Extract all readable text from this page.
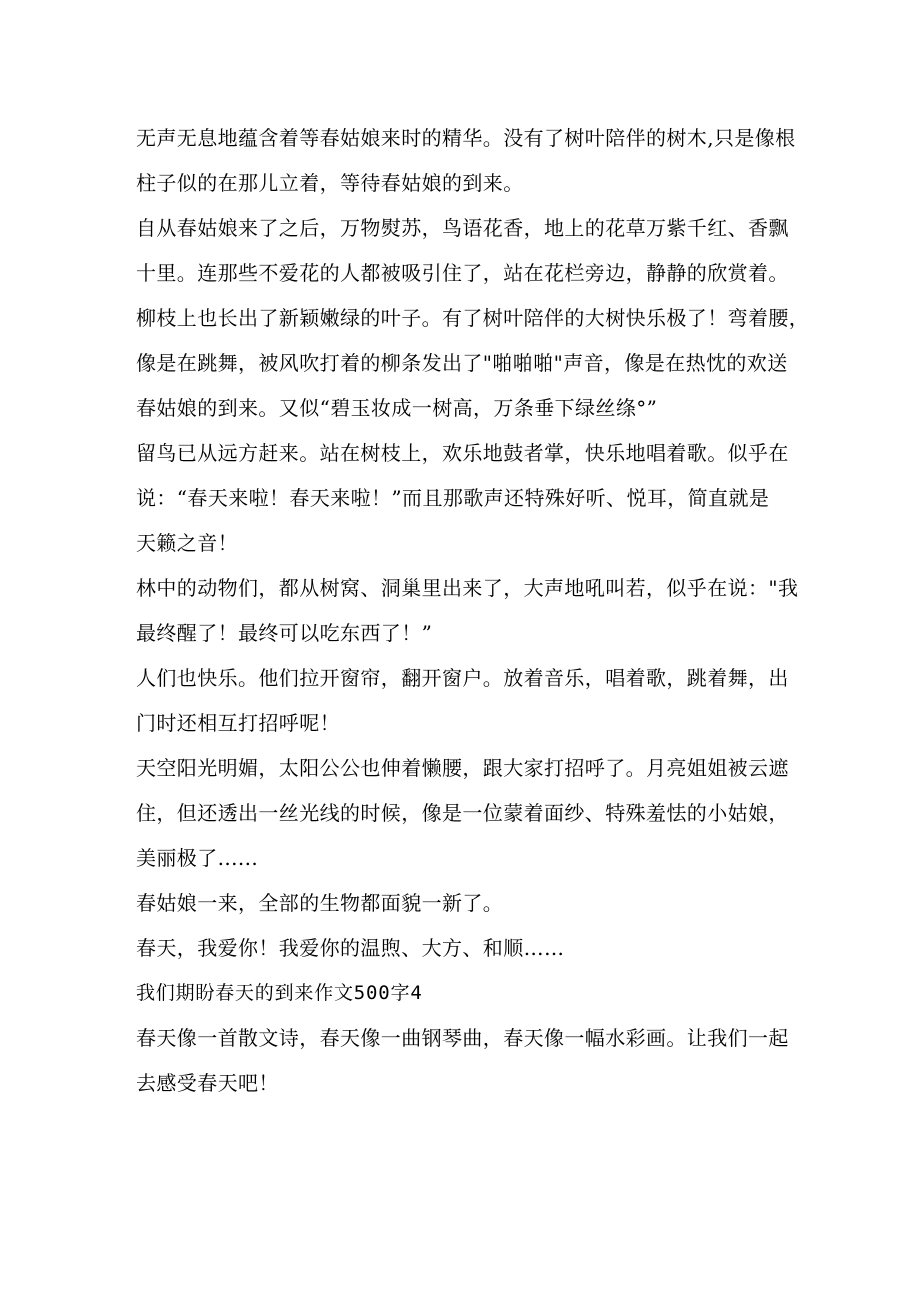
无声无息地蕴含着等春姑娘来时的精华。没有了树叶陪伴的树木,只是像根
柱子似的在那儿立着，等待春姑娘的到来。
自从春姑娘来了之后，万物熨苏，鸟语花香，地上的花草万紫千红、香飘
十里。连那些不爱花的人都被吸引住了，站在花栏旁边，静静的欣赏着。
柳枝上也长出了新颖嫩绿的叶子。有了树叶陪伴的大树快乐极了！弯着腰，
像是在跳舞，被风吹打着的柳条发出了"啪啪啪"声音，像是在热忱的欢送
春姑娘的到来。又似“碧玉妆成一树高，万条垂下绿丝绦°”
留鸟已从远方赶来。站在树枝上，欢乐地鼓者掌，快乐地唱着歌。似乎在
说：“春天来啦！春天来啦！”而且那歌声还特殊好听、悦耳，简直就是
天籁之音！
林中的动物们，都从树窝、洞巢里出来了，大声地吼叫若，似乎在说："我
最终醒了！最终可以吃东西了！”
人们也快乐。他们拉开窗帘，翻开窗户。放着音乐，唱着歌，跳着舞，出
门时还相互打招呼呢！
天空阳光明媚，太阳公公也伸着懒腰，跟大家打招呼了。月亮姐姐被云遮
住，但还透出一丝光线的时候，像是一位蒙着面纱、特殊羞怯的小姑娘，
美丽极了......
春姑娘一来，全部的生物都面貌一新了。
春天，我爱你！我爱你的温煦、大方、和顺……
我们期盼春天的到来作文500字4
春天像一首散文诗，春天像一曲钢琴曲，春天像一幅水彩画。让我们一起
去感受春天吧！
